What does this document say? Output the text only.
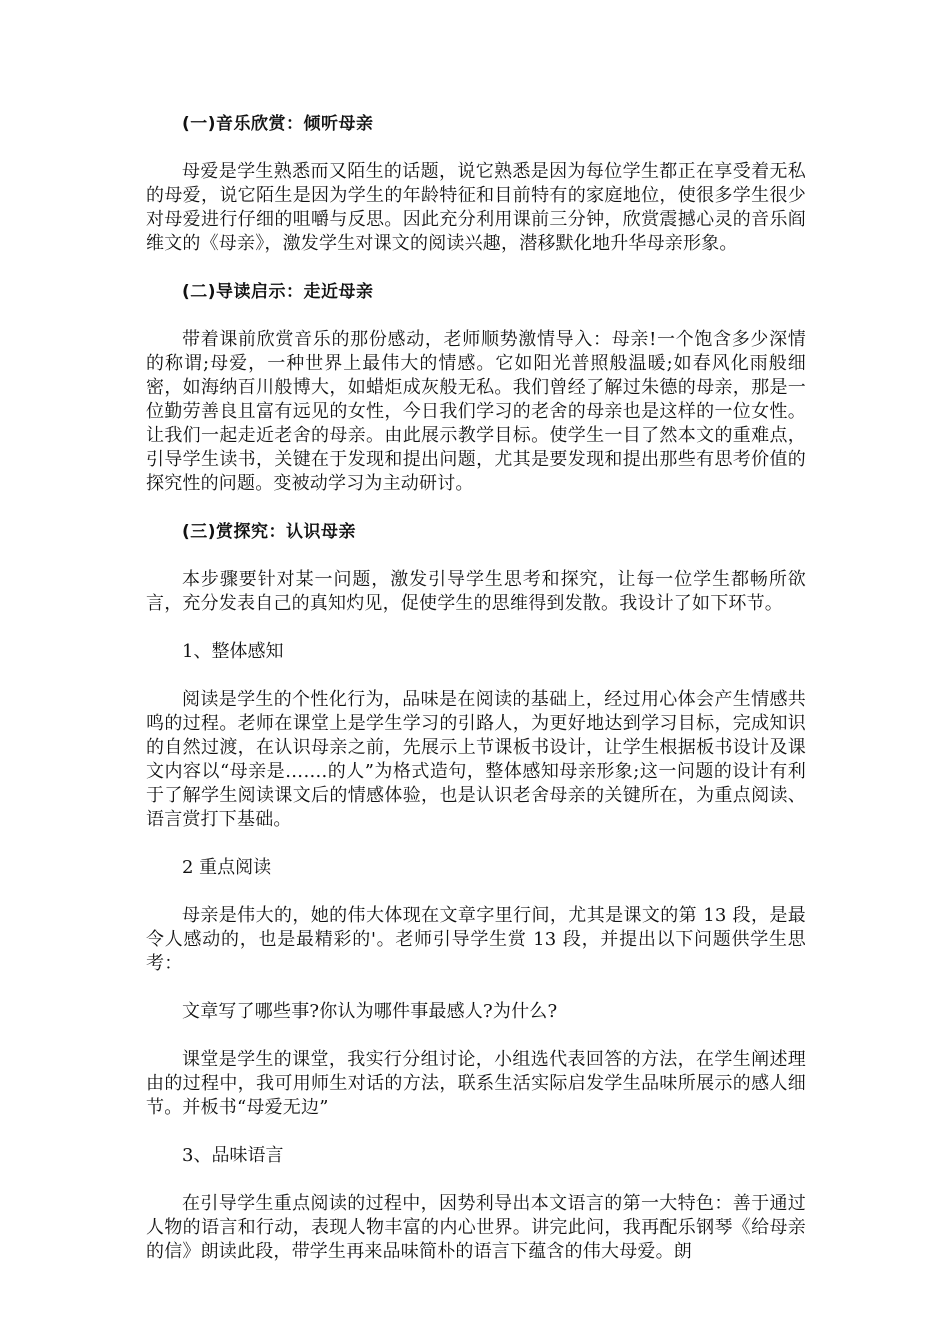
(一)音乐欣赏：倾听母亲

母爱是学生熟悉而又陌生的话题，说它熟悉是因为每位学生都正在享受着无私的母爱，说它陌生是因为学生的年龄特征和目前特有的家庭地位，使很多学生很少对母爱进行仔细的咀嚼与反思。因此充分利用课前三分钟，欣赏震撼心灵的音乐阎维文的《母亲》，激发学生对课文的阅读兴趣，潜移默化地升华母亲形象。

(二)导读启示：走近母亲

带着课前欣赏音乐的那份感动，老师顺势激情导入：母亲!一个饱含多少深情的称谓;母爱，一种世界上最伟大的情感。它如阳光普照般温暖;如春风化雨般细密，如海纳百川般博大，如蜡炬成灰般无私。我们曾经了解过朱德的母亲，那是一位勤劳善良且富有远见的女性，今日我们学习的老舍的母亲也是这样的一位女性。让我们一起走近老舍的母亲。由此展示教学目标。使学生一目了然本文的重难点，引导学生读书，关键在于发现和提出问题，尤其是要发现和提出那些有思考价值的探究性的问题。变被动学习为主动研讨。

(三)赏探究：认识母亲

本步骤要针对某一问题，激发引导学生思考和探究，让每一位学生都畅所欲言，充分发表自己的真知灼见，促使学生的思维得到发散。我设计了如下环节。

1、整体感知

阅读是学生的个性化行为，品味是在阅读的基础上，经过用心体会产生情感共鸣的过程。老师在课堂上是学生学习的引路人，为更好地达到学习目标，完成知识的自然过渡，在认识母亲之前，先展示上节课板书设计，让学生根据板书设计及课文内容以“母亲是…….的人”为格式造句，整体感知母亲形象;这一问题的设计有利于了解学生阅读课文后的情感体验，也是认识老舍母亲的关键所在，为重点阅读、语言赏打下基础。

2 重点阅读

母亲是伟大的，她的伟大体现在文章字里行间，尤其是课文的第 13 段，是最令人感动的，也是最精彩的'。老师引导学生赏 13 段，并提出以下问题供学生思考：

文章写了哪些事?你认为哪件事最感人?为什么?

课堂是学生的课堂，我实行分组讨论，小组选代表回答的方法，在学生阐述理由的过程中，我可用师生对话的方法，联系生活实际启发学生品味所展示的感人细节。并板书“母爱无边”

3、品味语言

在引导学生重点阅读的过程中，因势利导出本文语言的第一大特色：善于通过人物的语言和行动，表现人物丰富的内心世界。讲完此问，我再配乐钢琴《给母亲的信》朗读此段，带学生再来品味简朴的语言下蕴含的伟大母爱。朗
